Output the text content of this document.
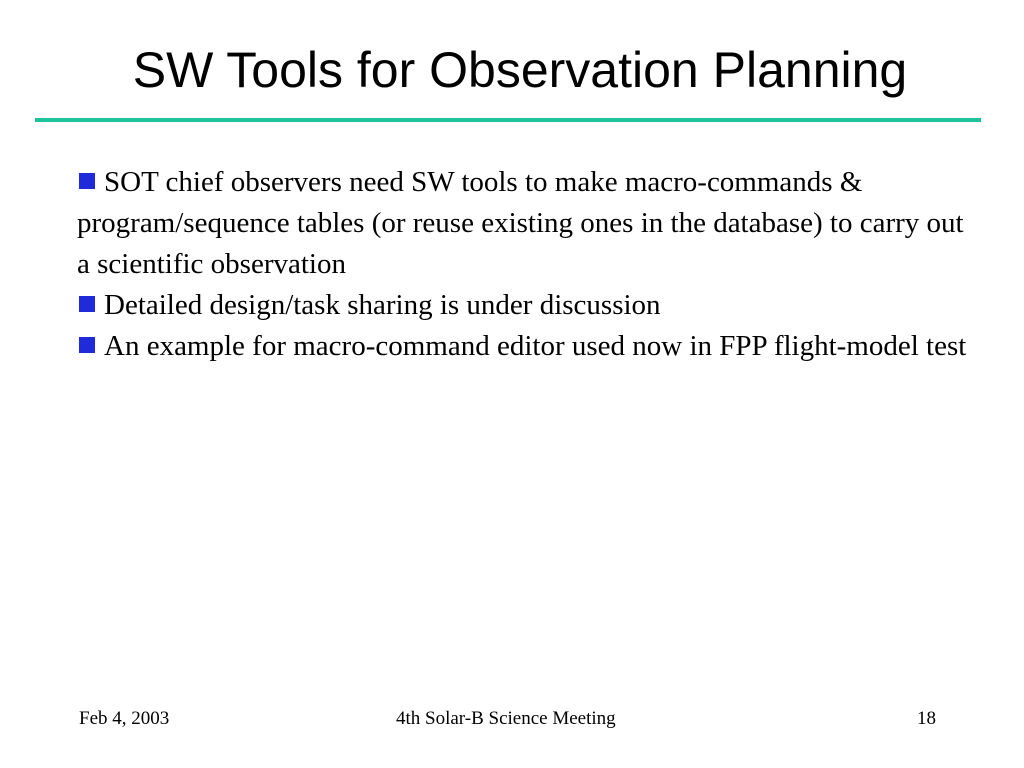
SW Tools for Observation Planning

SOT chief observers need SW tools to make macro-commands & program/sequence tables (or reuse existing ones in the database) to carry out a scientific observation

Detailed design/task sharing is under discussion

An example for macro-command editor used now in FPP flight-model test

Feb 4, 2003	4th Solar-B Science Meeting	18
